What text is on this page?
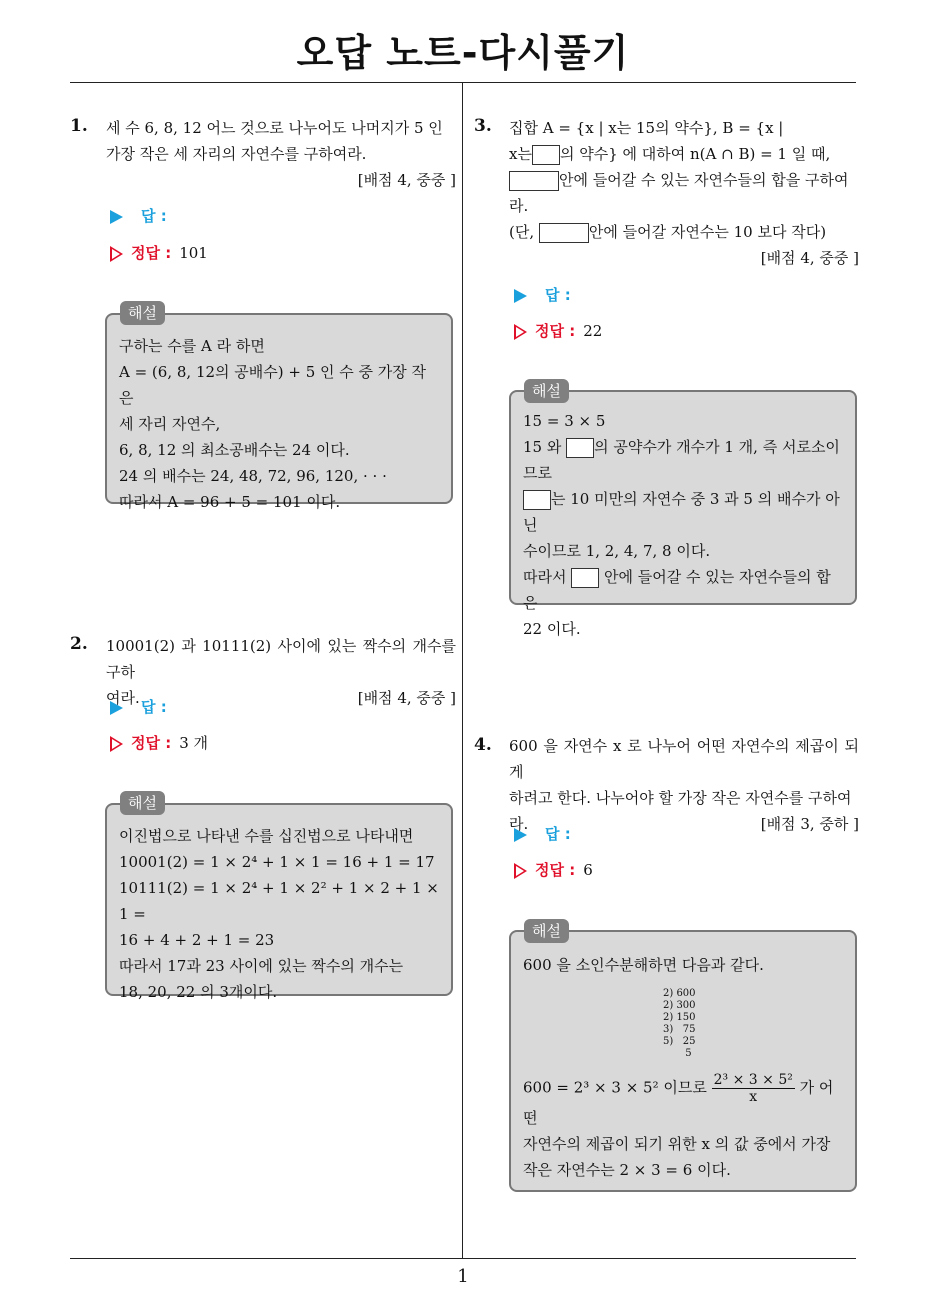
오답 노트-다시풀기
1
1. 세 수 6, 8, 12 어느 것으로 나누어도 나머지가 5 인
가장 작은 세 자리의 자연수를 구하여라.
[배점 4, 중중 ]
답 :
정답 : 101
구하는 수를 A 라 하면
A = (6, 8, 12의 공배수) + 5 인 수 중 가장 작은
세 자리 자연수,
6, 8, 12 의 최소공배수는 24 이다.
24 의 배수는 24, 48, 72, 96, 120, · · ·
따라서 A = 96 + 5 = 101 이다.
해설
2. 10001(2) 과 10111(2) 사이에 있는 짝수의 개수를 구하
여라.	[배점 4, 중중 ]
답 :
정답 : 3 개
이진법으로 나타낸 수를 십진법으로 나타내면
10001(2) = 1 × 2⁴ + 1 × 1 = 16 + 1 = 17
10111(2) = 1 × 2⁴ + 1 × 2² + 1 × 2 + 1 × 1 =
16 + 4 + 2 + 1 = 23
따라서 17과 23 사이에 있는 짝수의 개수는
18, 20, 22 의 3개이다.
해설
3. 집합 A = {x | x는 15의 약수}, B = {x |
x는 의 약수} 에 대하여 n(A ∩ B) = 1 일 때,
안에 들어갈 수 있는 자연수들의 합을 구하여
라.
(단,	안에 들어갈 자연수는 10 보다 작다)
[배점 4, 중중 ]
답 :
정답 : 22
15 = 3 × 5
15 와 의 공약수가 개수가 1 개, 즉 서로소이
므로
는 10 미만의 자연수 중 3 과 5 의 배수가 아닌
수이므로 1, 2, 4, 7, 8 이다.
따라서	안에 들어갈 수 있는 자연수들의 합은
22 이다.
해설
4. 600 을 자연수 x 로 나누어 어떤 자연수의 제곱이 되게
하려고 한다. 나누어야 할 가장 작은 자연수를 구하여
라.	[배점 3, 중하 ]
답 :
정답 : 6
600 을 소인수분해하면 다음과 같다.
2) 600
2) 300
2) 150
3)   75
5)   25
5
600 = 2³ × 3 × 5² 이므로 $\frac{\text{2³ × 3 × 5²}}{x}$ 가 어떤
자연수의 제곱이 되기 위한 x 의 값 중에서 가장
작은 자연수는 2 × 3 = 6 이다.
해설
